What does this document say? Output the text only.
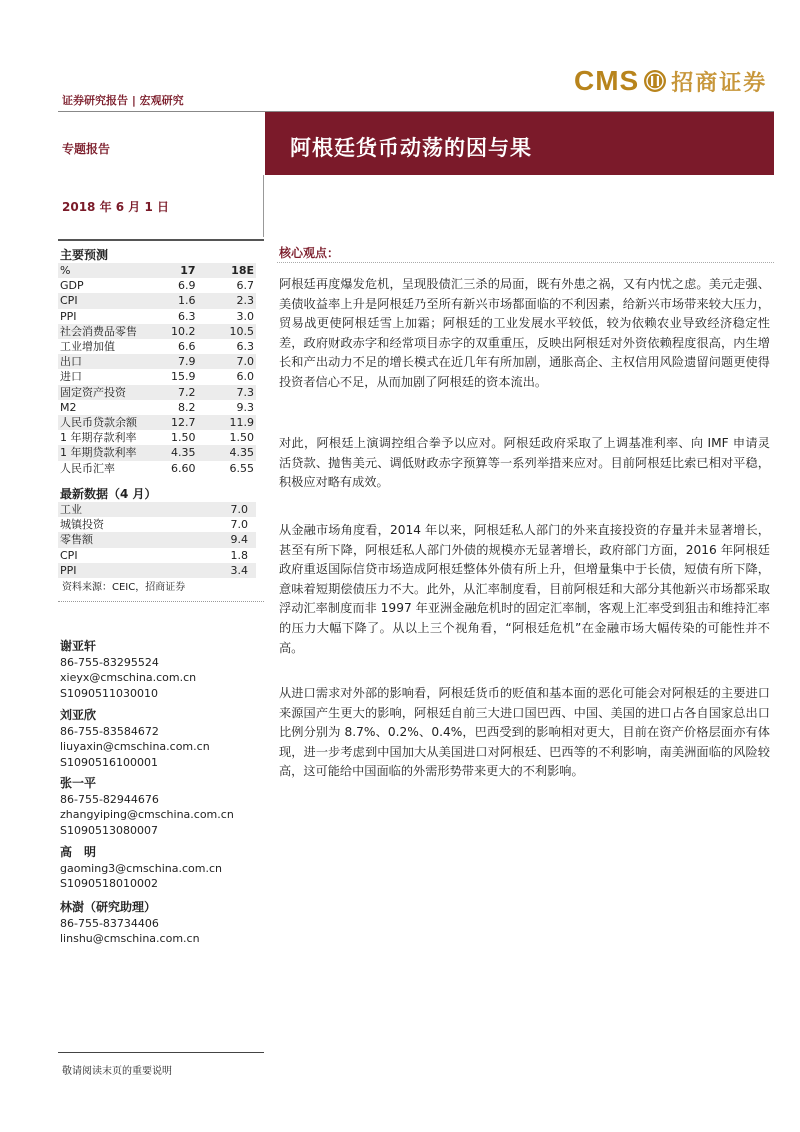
证券研究报告 | 宏观研究
CMS 招商证券
专题报告	阿根廷货币动荡的因与果
2018 年 6 月 1 日
主要预测
%	17	18E
GDP	6.9	6.7
CPI	1.6	2.3
PPI	6.3	3.0
社会消费品零售	10.2	10.5
工业增加值	6.6	6.3
出口	7.9	7.0
进口	15.9	6.0
固定资产投资	7.2	7.3
M2	8.2	9.3
人民币贷款余额	12.7	11.9
1 年期存款利率	1.50	1.50
1 年期贷款利率	4.35	4.35
人民币汇率	6.60	6.55
最新数据（4 月）
工业	7.0
城镇投资	7.0
零售额	9.4
CPI	1.8
PPI	3.4
资料来源：CEIC，招商证券
谢亚轩
86-755-83295524
xieyx@cmschina.com.cn
S1090511030010
刘亚欣
86-755-83584672
liuyaxin@cmschina.com.cn
S1090516100001
张一平
86-755-82944676
zhangyiping@cmschina.com.cn
S1090513080007
高　明
gaoming3@cmschina.com.cn
S1090518010002
林澍（研究助理）
86-755-83734406
linshu@cmschina.com.cn
敬请阅读末页的重要说明
核心观点：
阿根廷再度爆发危机，呈现股债汇三杀的局面，既有外患之祸，又有内忧之虑。美元走强、美债收益率上升是阿根廷乃至所有新兴市场都面临的不利因素，给新兴市场带来较大压力，贸易战更使阿根廷雪上加霜；阿根廷的工业发展水平较低，较为依赖农业导致经济稳定性差，政府财政赤字和经常项目赤字的双重重压，反映出阿根廷对外资依赖程度很高，内生增长和产出动力不足的增长模式在近几年有所加剧，通胀高企、主权信用风险遗留问题更使得投资者信心不足，从而加剧了阿根廷的资本流出。
对此，阿根廷上演调控组合拳予以应对。阿根廷政府采取了上调基准利率、向 IMF 申请灵活贷款、抛售美元、调低财政赤字预算等一系列举措来应对。目前阿根廷比索已相对平稳，积极应对略有成效。
从金融市场角度看，2014 年以来，阿根廷私人部门的外来直接投资的存量并未显著增长，甚至有所下降，阿根廷私人部门外债的规模亦无显著增长，政府部门方面，2016 年阿根廷政府重返国际信贷市场造成阿根廷整体外债有所上升，但增量集中于长债，短债有所下降，意味着短期偿债压力不大。此外，从汇率制度看，目前阿根廷和大部分其他新兴市场都采取浮动汇率制度而非 1997 年亚洲金融危机时的固定汇率制，客观上汇率受到狙击和维持汇率的压力大幅下降了。从以上三个视角看，“阿根廷危机”在金融市场大幅传染的可能性并不高。
从进口需求对外部的影响看，阿根廷货币的贬值和基本面的恶化可能会对阿根廷的主要进口来源国产生更大的影响，阿根廷自前三大进口国巴西、中国、美国的进口占各自国家总出口比例分别为 8.7%、0.2%、0.4%，巴西受到的影响相对更大，目前在资产价格层面亦有体现，进一步考虑到中国加大从美国进口对阿根廷、巴西等的不利影响，南美洲面临的风险较高，这可能给中国面临的外需形势带来更大的不利影响。
